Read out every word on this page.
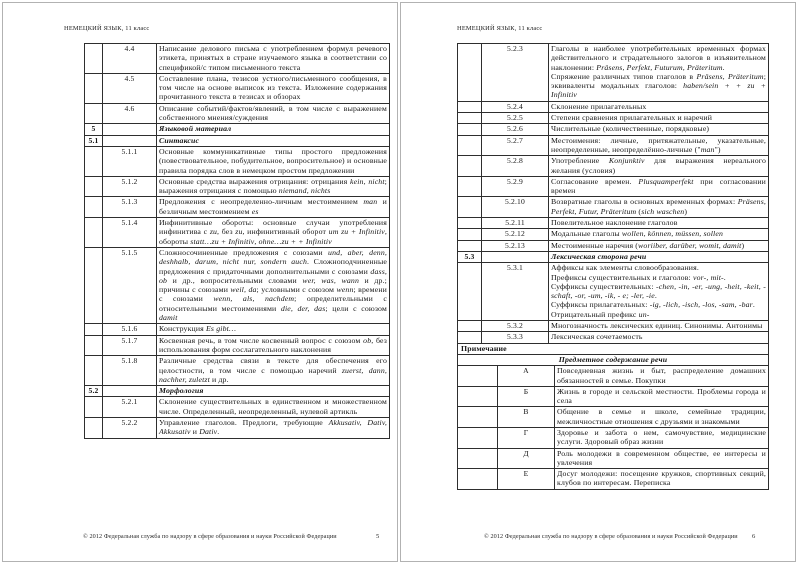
НЕМЕЦКИЙ ЯЗЫК, 11 класс
	4.4	Написание делового письма с употреблением формул речевого этикета, принятых в стране изучаемого языка в соответствии со спецификой/с типом письменного текста
	4.5	Составление плана, тезисов устного/письменного сообщения, в том числе на основе выписок из текста. Изложение содержания прочитанного текста в тезисах и обзорах
	4.6	Описание событий/фактов/явлений, в том числе с выражением собственного мнения/суждения
5		Языковой материал
5.1		Синтаксис
	5.1.1	Основные коммуникативные типы простого предложения (повествовательное, побудительное, вопросительное) и основные правила порядка слов в немецком простом предложении
	5.1.2	Основные средства выражения отрицания: отрицания kein, nicht; выражения отрицания с помощью niemand, nichts
	5.1.3	Предложения с неопределенно-личным местоимением man и безличным местоимением es
	5.1.4	Инфинитивные обороты: основные случаи употребления инфинитива с zu, без zu, инфинитивный оборот um zu + Infinitiv, обороты statt…zu + Infinitiv, ohne…zu + + Infinitiv
	5.1.5	Сложносочиненные предложения с союзами und, aber, denn, deshhalb, darum, nicht nur, sondern auch. Сложноподчиненные предложения с придаточными дополнительными с союзами dass, ob и др., вопросительными словами wer, was, wann и др.; причины с союзами weil, da; условными с союзом wenn; времени с союзами wenn, als, nachdem; определительными с относительными местоимениями die, der, das; цели с союзом damit
	5.1.6	Конструкция Es gibt…
	5.1.7	Косвенная речь, в том числе косвенный вопрос с союзом ob, без использования форм сослагательного наклонения
	5.1.8	Различные средства связи в тексте для обеспечения его целостности, в том числе с помощью наречий zuerst, dann, nachher, zuletzt и др.
5.2		Морфология
	5.2.1	Склонение существительных в единственном и множественном числе. Определенный, неопределенный, нулевой артикль
	5.2.2	Управление глаголов. Предлоги, требующие Akkusativ, Dativ, Akkusativ и Dativ.
© 2012 Федеральная служба по надзору в сфере образования и науки Российской Федерации	5
НЕМЕЦКИЙ ЯЗЫК, 11 класс
	5.2.3	Глаголы в наиболее употребительных временных формах действительного и страдательного залогов в изъявительном наклонении: Präsens, Perfekt, Futurum, Präteritum.
Спряжение различных типов глаголов в Präsens, Präteritum; эквиваленты модальных глаголов: haben/sein + + zu + Infinitiv
	5.2.4	Склонение прилагательных
	5.2.5	Степени сравнения прилагательных и наречий
	5.2.6	Числительные (количественные, порядковые)
	5.2.7	Местоимения: личные, притяжательные, указательные, неопределенные, неопределённо-личные ("man")
	5.2.8	Употребление Konjunktiv для выражения нереального желания (условия)
	5.2.9	Согласование времен. Plusquamperfekt при согласовании времен
	5.2.10	Возвратные глаголы в основных временных формах: Präsens, Perfekt, Futur, Präteritum (sich waschen)
	5.2.11	Повелительное наклонение глаголов
	5.2.12	Модальные глаголы wollen, können, müssen, sollen
	5.2.13	Местоименные наречия (woriiber, darüber, womit, damit)
5.3		Лексическая сторона речи
	5.3.1	Аффиксы как элементы словообразования.
Префиксы существительных и глаголов: vor-, mit-.
Суффиксы существительных: -chen, -in, -er, -ung, -heit, -keit, -schaft, -or, -um, -ik, - e; -ler, -ie.
Суффиксы прилагательных: -ig, -lich, -isch, -los, -sam, -bar.
Отрицательный префикс un-
	5.3.2	Многозначность лексических единиц. Синонимы. Антонимы
	5.3.3	Лексическая сочетаемость
Примечание		
Предметное содержание речи		
	А	Повседневная жизнь и быт, распределение домашних обязанностей в семье. Покупки
	Б	Жизнь в городе и сельской местности. Проблемы города и села
	В	Общение в семье и школе, семейные традиции, межличностные отношения с друзьями и знакомыми
	Г	Здоровье и забота о нем, самочувствие, медицинские услуги. Здоровый образ жизни
	Д	Роль молодежи в современном обществе, ее интересы и увлечения
	Е	Досуг молодежи: посещение кружков, спортивных секций, клубов по интересам. Переписка
© 2012 Федеральная служба по надзору в сфере образования и науки Российской Федерации 6
